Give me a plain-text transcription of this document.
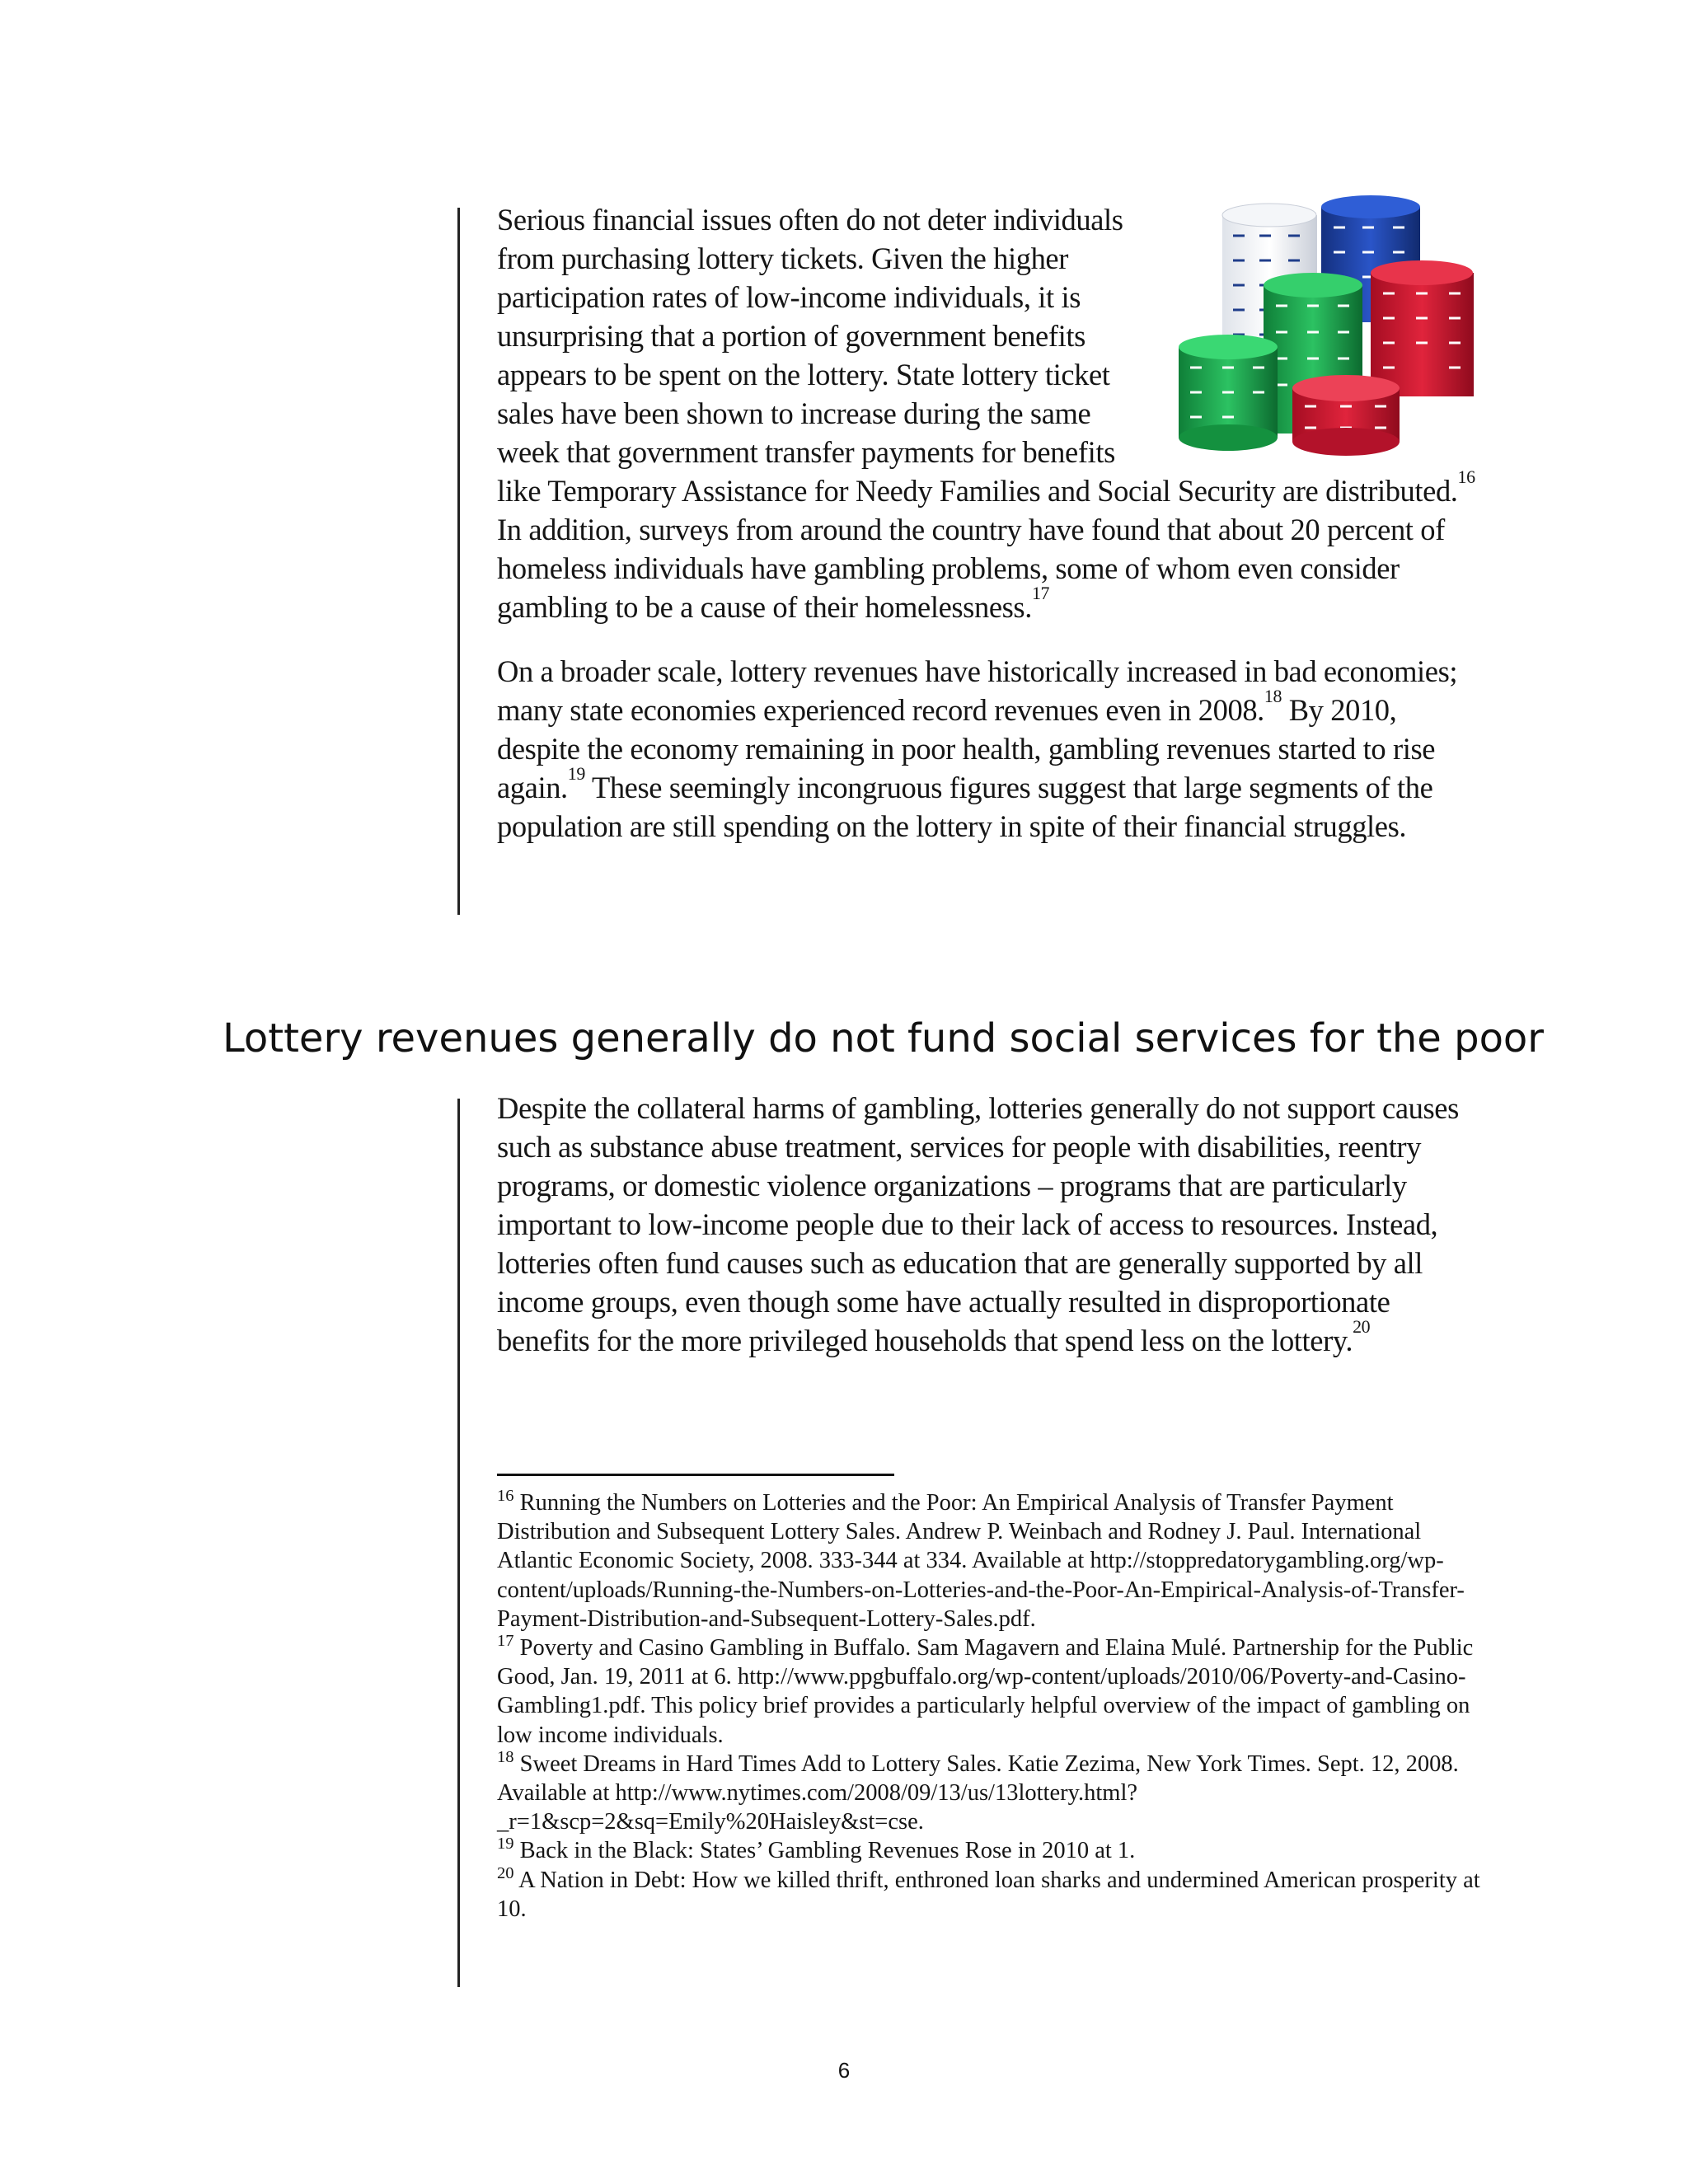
Serious financial issues often do not deter individuals from purchasing lottery tickets. Given the higher participation rates of low-income individuals, it is unsurprising that a portion of government benefits appears to be spent on the lottery. State lottery ticket sales have been shown to increase during the same week that government transfer payments for benefits like Temporary Assistance for Needy Families and Social Security are distributed.$^{16}$ In addition, surveys from around the country have found that about 20 percent of homeless individuals have gambling problems, some of whom even consider gambling to be a cause of their homelessness.$^{17}$

On a broader scale, lottery revenues have historically increased in bad economies; many state economies experienced record revenues even in 2008.18 By 2010, despite the economy remaining in poor health, gambling revenues started to rise again.$^{19}$ These seemingly incongruous figures suggest that large segments of the population are still spending on the lottery in spite of their financial struggles.

Lottery revenues generally do not fund social services for the poor

Despite the collateral harms of gambling, lotteries generally do not support causes such as substance abuse treatment, services for people with disabilities, reentry programs, or domestic violence organizations – programs that are particularly important to low-income people due to their lack of access to resources. Instead, lotteries often fund causes such as education that are generally supported by all income groups, even though some have actually resulted in disproportionate benefits for the more privileged households that spend less on the lottery.$^{20}$

$^{16}$ Running the Numbers on Lotteries and the Poor: An Empirical Analysis of Transfer Payment Distribution and Subsequent Lottery Sales. Andrew P. Weinbach and Rodney J. Paul. International Atlantic Economic Society, 2008. 333-344 at 334. Available at http://stoppredatorygambling.org/wp-content/uploads/Running-the-Numbers-on-Lotteries-and-the-Poor-An-Empirical-Analysis-of-Transfer-Payment-Distribution-and-Subsequent-Lottery-Sales.pdf.

$^{17}$ Poverty and Casino Gambling in Buffalo. Sam Magavern and Elaina Mulé. Partnership for the Public Good, Jan. 19, 2011 at 6. http://www.ppgbuffalo.org/wp-content/uploads/2010/06/Poverty-and-Casino-Gambling1.pdf. This policy brief provides a particularly helpful overview of the impact of gambling on low income individuals.

$^{18}$ Sweet Dreams in Hard Times Add to Lottery Sales. Katie Zezima, New York Times. Sept. 12, 2008. Available at http://www.nytimes.com/2008/09/13/us/13lottery.html?_r=1&scp=2&sq=Emily%20Haisley&st=cse.

$^{19}$ Back in the Black: States’ Gambling Revenues Rose in 2010 at 1.

$^{20}$ A Nation in Debt: How we killed thrift, enthroned loan sharks and undermined American prosperity at 10.

6
